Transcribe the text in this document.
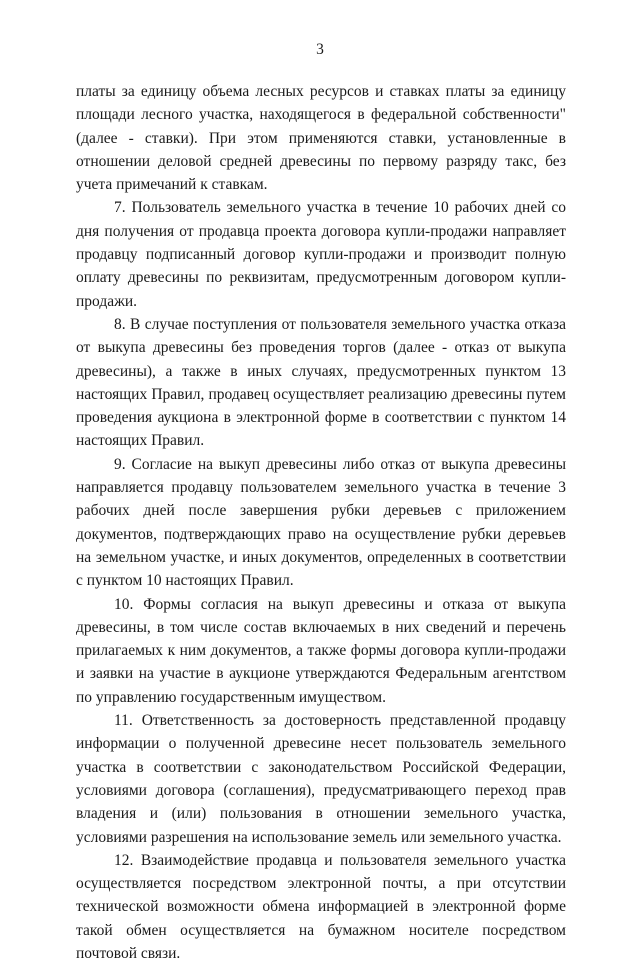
3

платы за единицу объема лесных ресурсов и ставках платы за единицу площади лесного участка, находящегося в федеральной собственности" (далее - ставки). При этом применяются ставки, установленные в отношении деловой средней древесины по первому разряду такс, без учета примечаний к ставкам.

7. Пользователь земельного участка в течение 10 рабочих дней со дня получения от продавца проекта договора купли-продажи направляет продавцу подписанный договор купли-продажи и производит полную оплату древесины по реквизитам, предусмотренным договором купли-продажи.

8. В случае поступления от пользователя земельного участка отказа от выкупа древесины без проведения торгов (далее - отказ от выкупа древесины), а также в иных случаях, предусмотренных пунктом 13 настоящих Правил, продавец осуществляет реализацию древесины путем проведения аукциона в электронной форме в соответствии с пунктом 14 настоящих Правил.

9. Согласие на выкуп древесины либо отказ от выкупа древесины направляется продавцу пользователем земельного участка в течение 3 рабочих дней после завершения рубки деревьев с приложением документов, подтверждающих право на осуществление рубки деревьев на земельном участке, и иных документов, определенных в соответствии с пунктом 10 настоящих Правил.

10. Формы согласия на выкуп древесины и отказа от выкупа древесины, в том числе состав включаемых в них сведений и перечень прилагаемых к ним документов, а также формы договора купли-продажи и заявки на участие в аукционе утверждаются Федеральным агентством по управлению государственным имуществом.

11. Ответственность за достоверность представленной продавцу информации о полученной древесине несет пользователь земельного участка в соответствии с законодательством Российской Федерации, условиями договора (соглашения), предусматривающего переход прав владения и (или) пользования в отношении земельного участка, условиями разрешения на использование земель или земельного участка.

12. Взаимодействие продавца и пользователя земельного участка осуществляется посредством электронной почты, а при отсутствии технической возможности обмена информацией в электронной форме такой обмен осуществляется на бумажном носителе посредством почтовой связи.
